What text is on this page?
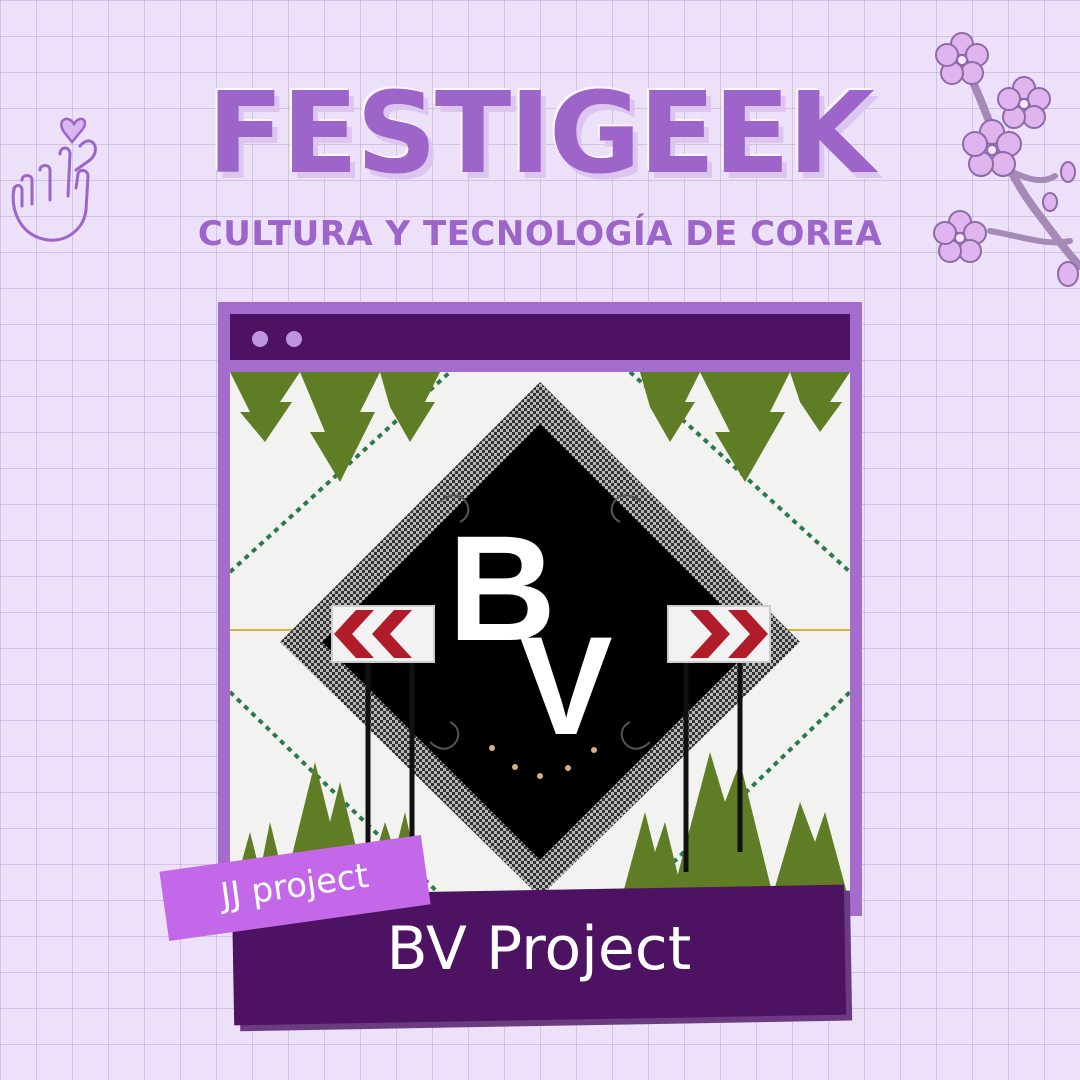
FESTIGEEK
CULTURA Y TECNOLOGÍA DE COREA
B
V
BV Project
JJ project
